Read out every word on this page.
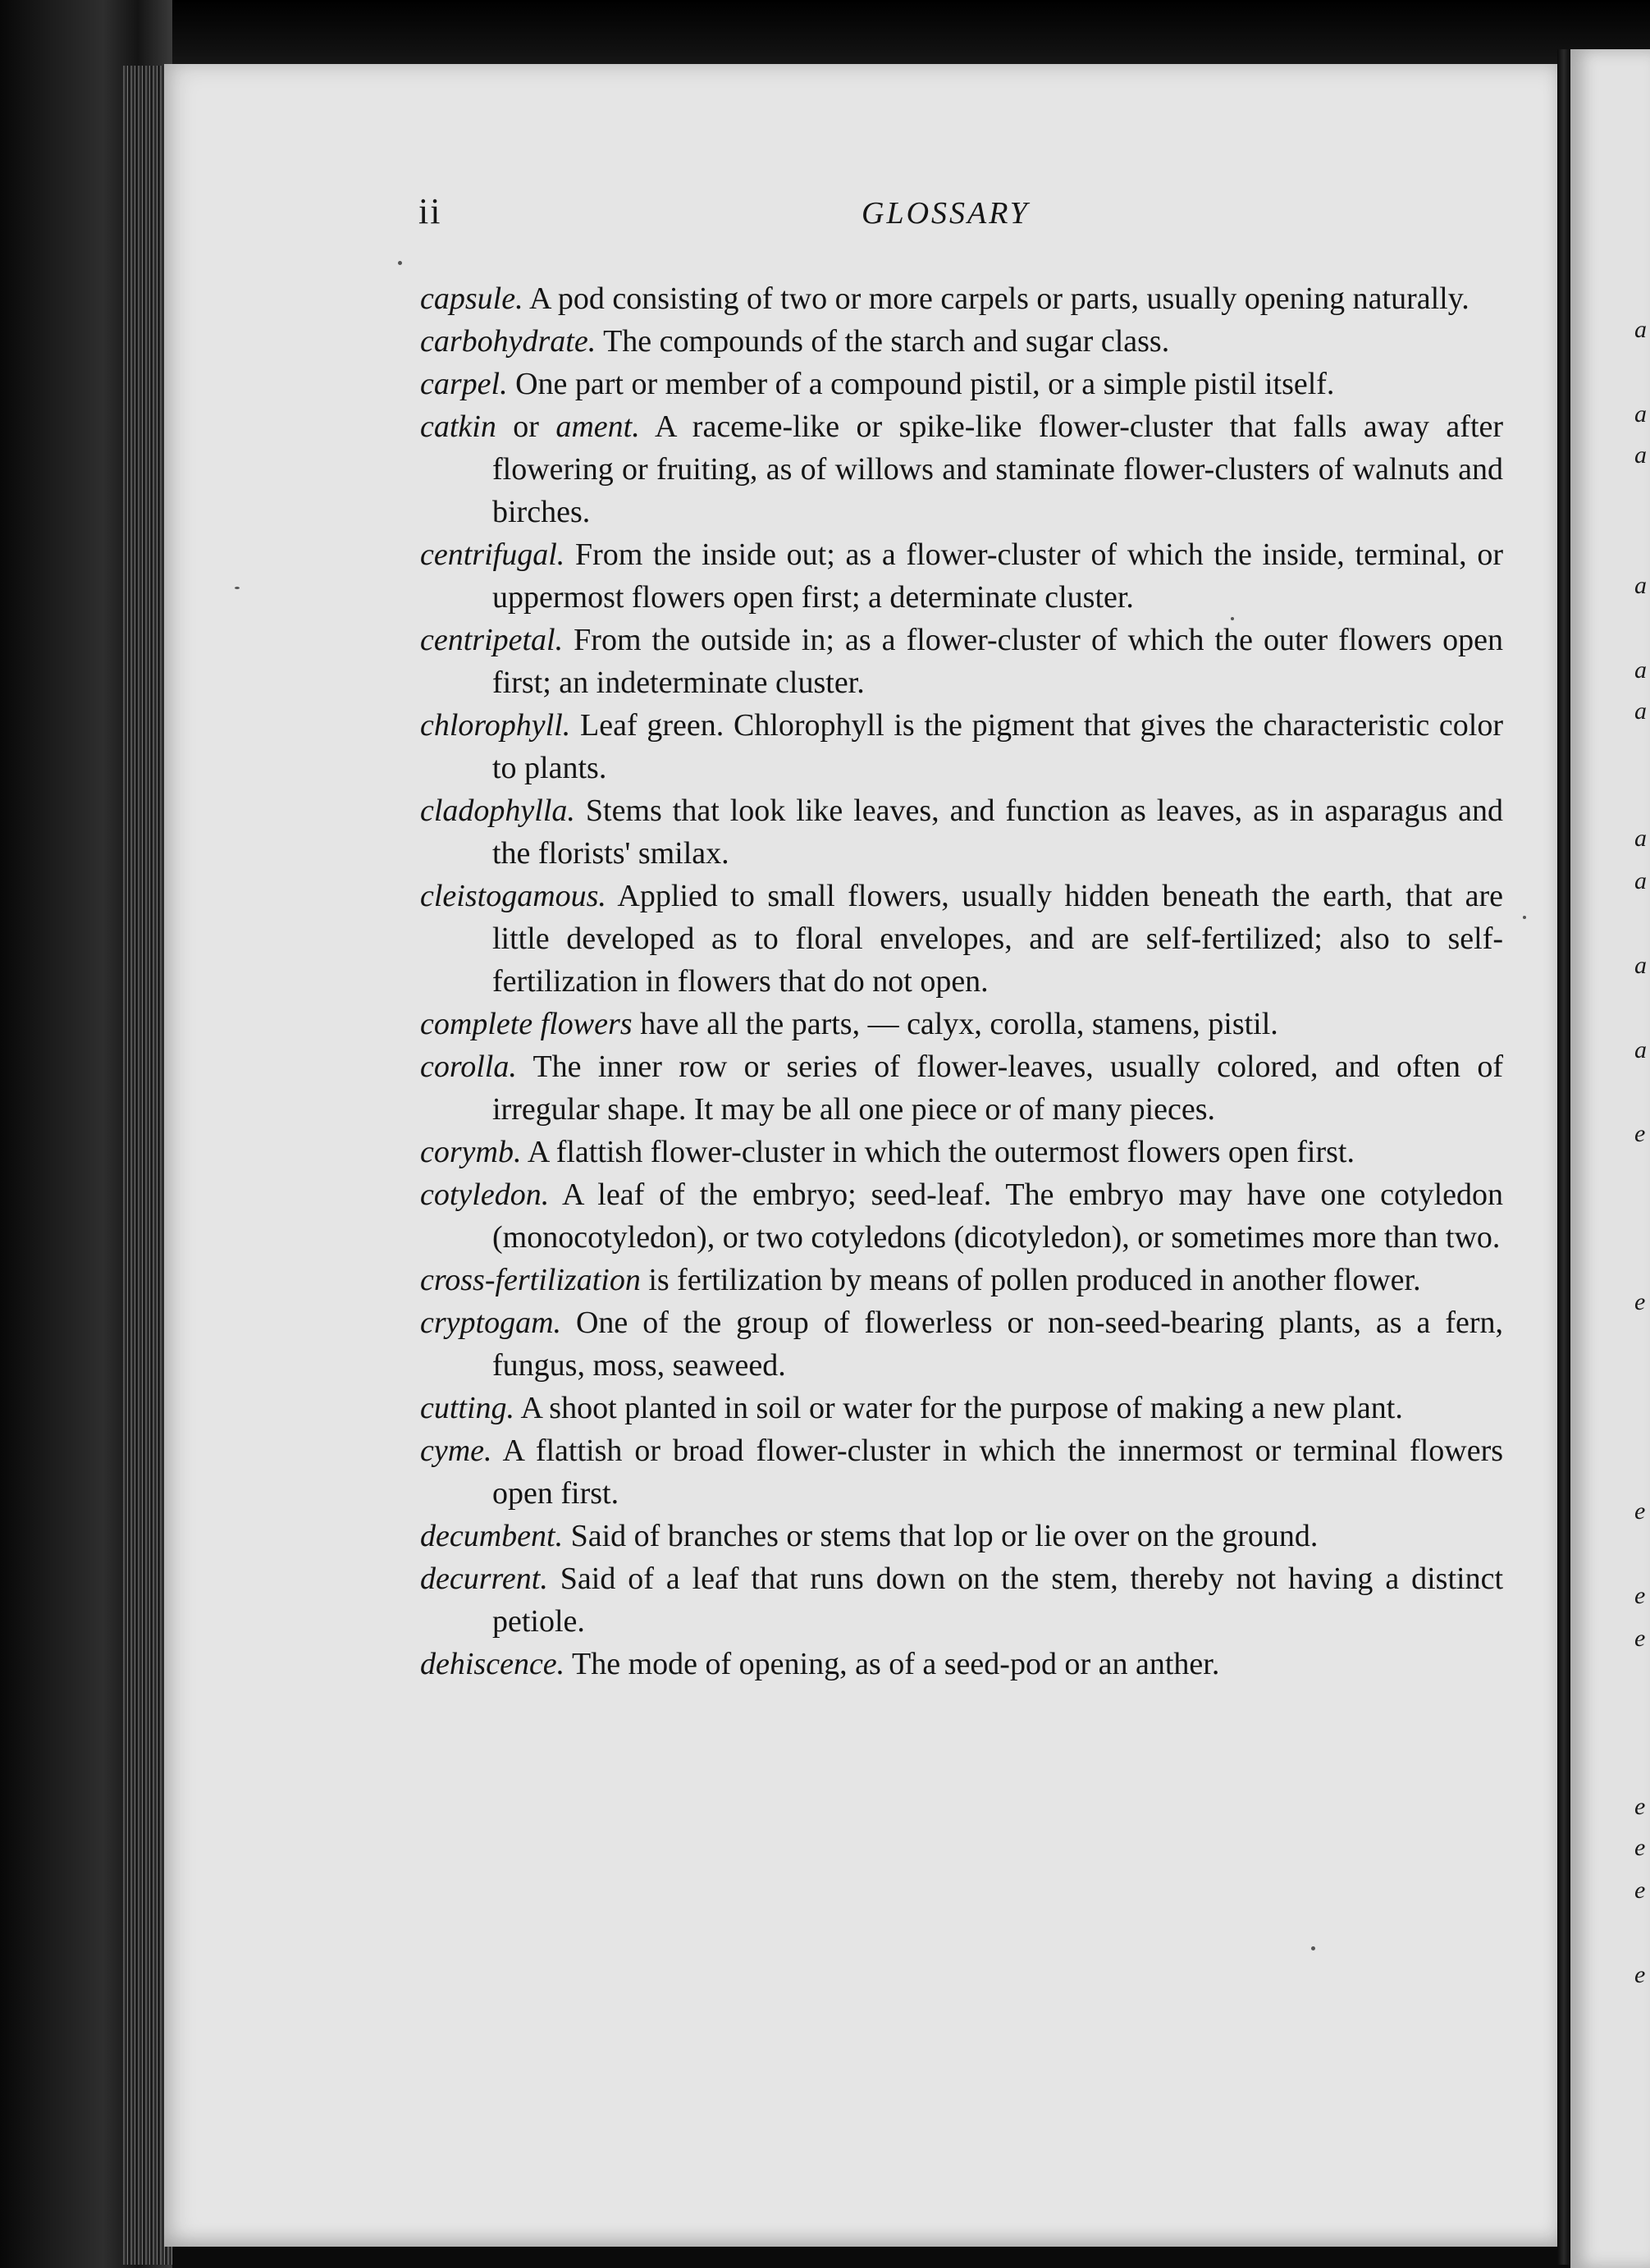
a
a
a
a
a
a
a
a
a
a
e
e
e
e
e
e
e
e
e
ii	GLOSSARY

capsule. A pod consisting of two or more carpels or parts, usually opening naturally.

carbohydrate. The compounds of the starch and sugar class.

carpel. One part or member of a compound pistil, or a simple pistil itself.

catkin or ament. A raceme-like or spike-like flower-cluster that falls away after flowering or fruiting, as of willows and staminate flower-clusters of walnuts and birches.

centrifugal. From the inside out; as a flower-cluster of which the inside, terminal, or uppermost flowers open first; a determinate cluster.

centripetal. From the outside in; as a flower-cluster of which the outer flowers open first; an indeterminate cluster.

chlorophyll. Leaf green. Chlorophyll is the pigment that gives the characteristic color to plants.

cladophylla. Stems that look like leaves, and function as leaves, as in asparagus and the florists' smilax.

cleistogamous. Applied to small flowers, usually hidden beneath the earth, that are little developed as to floral envelopes, and are self-fertilized; also to self-fertilization in flowers that do not open.

complete flowers have all the parts, — calyx, corolla, stamens, pistil.

corolla. The inner row or series of flower-leaves, usually colored, and often of irregular shape. It may be all one piece or of many pieces.

corymb. A flattish flower-cluster in which the outermost flowers open first.

cotyledon. A leaf of the embryo; seed-leaf. The embryo may have one cotyledon (monocotyledon), or two cotyledons (dicotyledon), or sometimes more than two.

cross-fertilization is fertilization by means of pollen produced in another flower.

cryptogam. One of the group of flowerless or non-seed-bearing plants, as a fern, fungus, moss, seaweed.

cutting. A shoot planted in soil or water for the purpose of making a new plant.

cyme. A flattish or broad flower-cluster in which the innermost or terminal flowers open first.

decumbent. Said of branches or stems that lop or lie over on the ground.

decurrent. Said of a leaf that runs down on the stem, thereby not having a distinct petiole.

dehiscence. The mode of opening, as of a seed-pod or an anther.
